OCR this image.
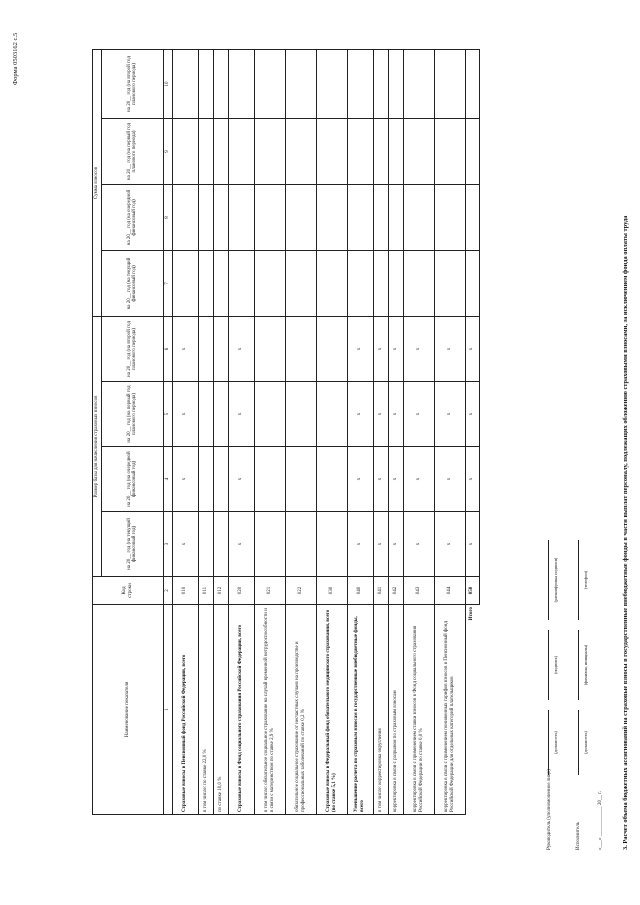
Форма 0503162 с.5
3. Расчет объема бюджетных ассигнований на страховые взносы в государственные внебюджетные фонды в части выплат персоналу, подлежащих обложению страховыми взносами, за исключением фонда оплаты труда
Наименование показателя	Код строки	Размер базы для начисления страховых взносов				Сумма взносов			
		на 20__ год (на текущий финансовый год)	на 20__ год (на очередной финансовый год)	на 20__ год (на первый год планового периода)	на 20__ год (на второй год планового периода)	на 20__ год (на текущий финансовый год)	на 20__ год (на очередной финансовый год)	на 20__ год (на первый год планового периода)	на 20__ год (на второй год планового периода)
1	2	3	4	5	6	7	8	9	10
Страховые взносы в Пенсионный фонд Российской Федерации, всего	010	x	x	x	x				
в том числе: по ставке 22,0 %	011								
по ставке 10,0 %	012								
Страховые взносы в Фонд социального страхования Российской Федерации, всего	020	x	x	x	x				
в том числе: обязательное социальное страхование на случай временной нетрудоспособности и в связи с материнством по ставке 2,9 %	021								
обязательное социальное страхование от несчастных случаев на производстве и профессиональных заболеваний по ставке 0,2 %	022								
Страховые взносы в Федеральный фонд обязательного медицинского страхования, всего (по ставке 5,1 %)	030								
Уменьшение расчета по страховым взносам в государственные внебюджетные фонды, всего	040	x	x	x	x				
в том числе: корректировка округления	041	x	x	x	x				
корректировка в связи с разрывом по страховым взносам	042	x	x	x	x				
корректировка в связи с применением ставки взносов в Фонд социального страхования Российской Федерации по ставке 0,0 %	043	x	x	x	x				
корректировка в связи с применением пониженных тарифов взносов в Пенсионный фонд Российской Федерации для отдельных категорий плательщиков	044	x	x	x	x				
Итого	050	x	x	x	x				
Руководитель (уполномоченное лицо)
(должность)
(подпись)
(расшифровка подписи)
Исполнитель
(должность)
(фамилия, инициалы)
(телефон)
«___» ____________ 20__ г.
